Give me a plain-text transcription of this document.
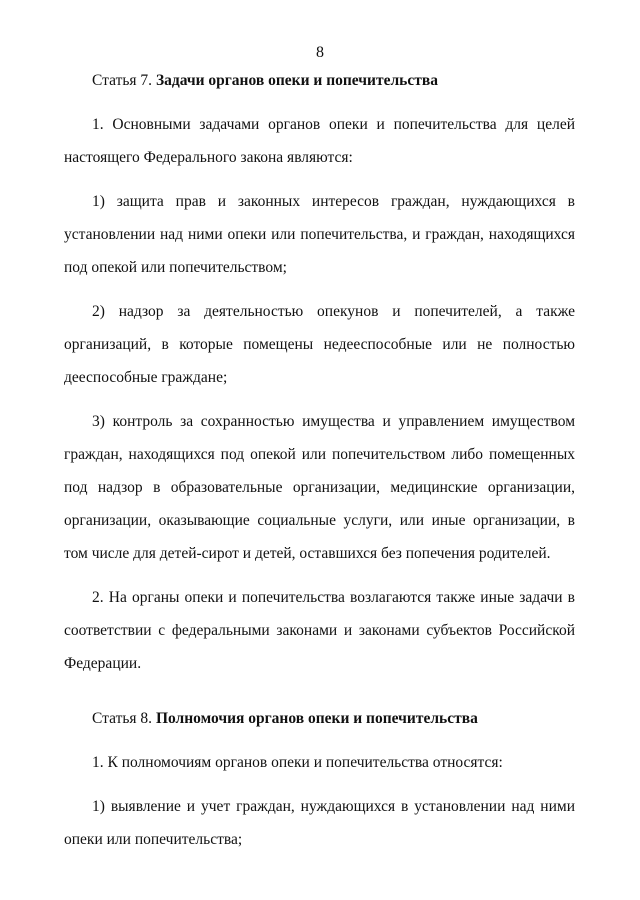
8

Статья 7. Задачи органов опеки и попечительства

1. Основными задачами органов опеки и попечительства для целей настоящего Федерального закона являются:

1) защита прав и законных интересов граждан, нуждающихся в установлении над ними опеки или попечительства, и граждан, находящихся под опекой или попечительством;

2) надзор за деятельностью опекунов и попечителей, а также организаций, в которые помещены недееспособные или не полностью дееспособные граждане;

3) контроль за сохранностью имущества и управлением имуществом граждан, находящихся под опекой или попечительством либо помещенных под надзор в образовательные организации, медицинские организации, организации, оказывающие социальные услуги, или иные организации, в том числе для детей-сирот и детей, оставшихся без попечения родителей.

2. На органы опеки и попечительства возлагаются также иные задачи в соответствии с федеральными законами и законами субъектов Российской Федерации.

Статья 8. Полномочия органов опеки и попечительства

1. К полномочиям органов опеки и попечительства относятся:

1) выявление и учет граждан, нуждающихся в установлении над ними опеки или попечительства;
